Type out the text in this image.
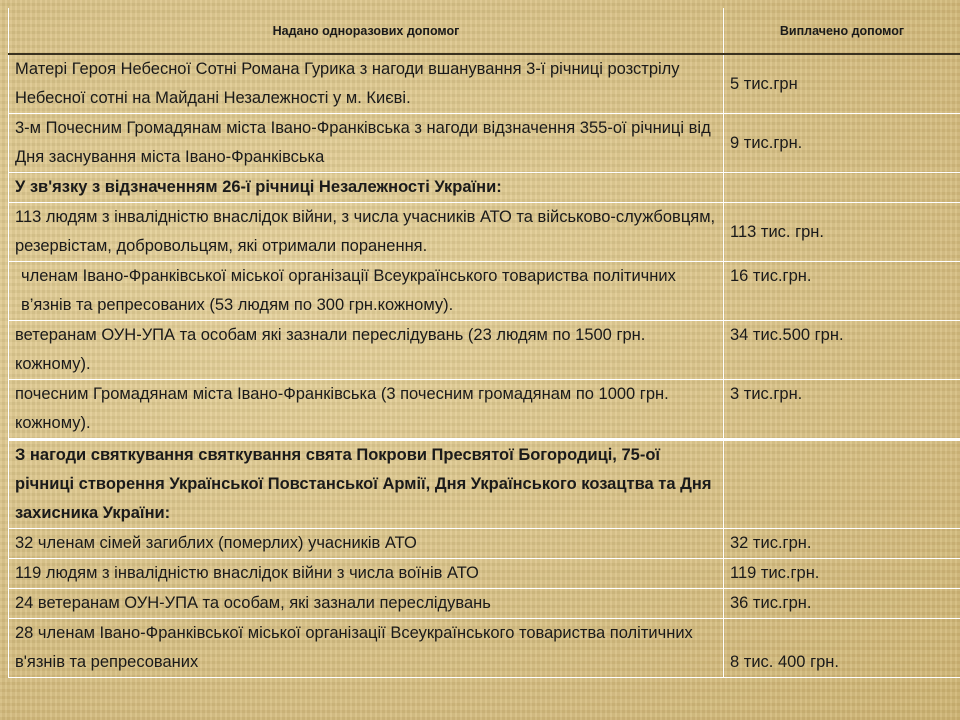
Надано одноразових допомог	Виплачено допомог
Матері Героя Небесної Сотні Романа Гурика з нагоди вшанування 3-ї річниці розстрілу Небесної сотні на Майдані Незалежності у м. Києві.	5 тис.грн
3-м Почесним Громадянам міста Івано-Франківська з нагоди відзначення 355-ої річниці від Дня заснування міста Івано-Франківська	9 тис.грн.
У зв'язку з відзначенням 26-ї річниці Незалежності України:	
113 людям з інвалідністю внаслідок війни, з числа учасників АТО та військово-службовцям, резервістам, добровольцям, які отримали поранення.	113 тис. грн.
членам Івано-Франківської міської організації Всеукраїнського товариства політичних в’язнів та репресованих (53 людям по 300 грн.кожному).	16 тис.грн.
ветеранам ОУН-УПА та особам які зазнали переслідувань (23 людям по 1500 грн. кожному).	34 тис.500 грн.
почесним Громадянам міста Івано-Франківська (3 почесним громадянам по 1000 грн. кожному).	3 тис.грн.
З нагоди святкування святкування свята Покрови Пресвятої Богородиці, 75-ої річниці створення Української Повстанської Армії, Дня Українського козацтва та Дня захисника України:	
32 членам сімей загиблих (померлих) учасників АТО	32 тис.грн.
119 людям з інвалідністю внаслідок війни з числа воїнів АТО	119 тис.грн.
24 ветеранам ОУН-УПА та особам, які зазнали переслідувань	36 тис.грн.
28 членам Івано-Франківської міської організації Всеукраїнського товариства політичних в'язнів та репресованих	8 тис. 400 грн.
